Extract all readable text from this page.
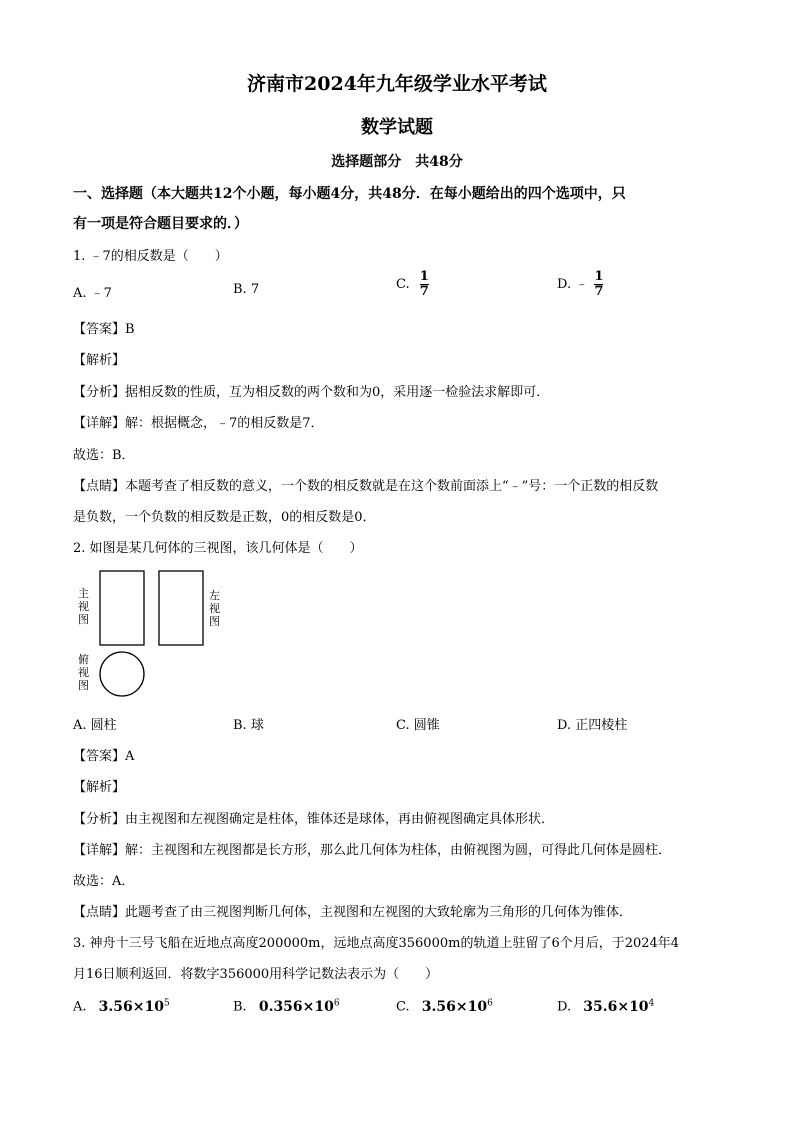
济南市2024年九年级学业水平考试
数学试题
选择题部分　共48分
一、选择题（本大题共12个小题，每小题4分，共48分．在每小题给出的四个选项中，只
有一项是符合题目要求的．）
1. ﹣7的相反数是（　　）
A. ﹣7	B. 7	C. $\frac{1}{7}$	D. ﹣ $\frac{1}{7}$
【答案】B
【解析】
【分析】据相反数的性质，互为相反数的两个数和为0，采用逐一检验法求解即可．
【详解】解：根据概念，﹣7的相反数是7．
故选：B．
【点睛】本题考查了相反数的意义，一个数的相反数就是在这个数前面添上“﹣”号：一个正数的相反数
是负数，一个负数的相反数是正数，0的相反数是0．
2. 如图是某几何体的三视图，该几何体是（　　）
主
视
图
左
视
图
俯
视
图
A. 圆柱	B. 球	C. 圆锥	D. 正四棱柱
【答案】A
【解析】
【分析】由主视图和左视图确定是柱体，锥体还是球体，再由俯视图确定具体形状．
【详解】解：主视图和左视图都是长方形，那么此几何体为柱体，由俯视图为圆，可得此几何体是圆柱．
故选：A．
【点睛】此题考查了由三视图判断几何体，主视图和左视图的大致轮廓为三角形的几何体为锥体．
3. 神舟十三号飞船在近地点高度200000m，远地点高度356000m的轨道上驻留了6个月后，于2024年4
月16日顺利返回．将数字356000用科学记数法表示为（　　）
A. $3.56\times 10^5$	B. $0.356\times 10^6$	C. $3.56\times 10^6$	D. $35.6\times 10^4$
